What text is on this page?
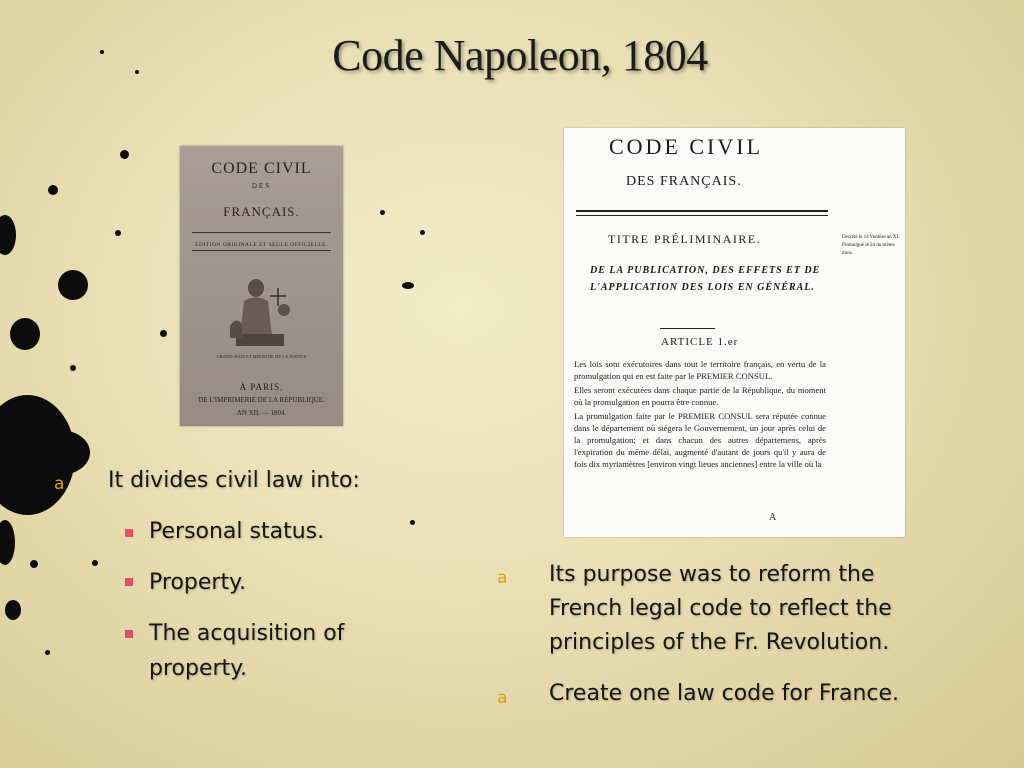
Code Napoleon, 1804
CODE CIVIL
DES
FRANÇAIS.
ÉDITION ORIGINALE ET SEULE OFFICIELLE.
GRAND-JUGE ET MINISTRE DE LA JUSTICE
À PARIS,
DE L'IMPRIMERIE DE LA RÉPUBLIQUE.
AN XII. — 1804.
CODE CIVIL
DES FRANÇAIS.
TITRE PRÉLIMINAIRE.	Décrété le 14 Ventôse an XI. Promulgué le 24 du même mois.
DE LA PUBLICATION, DES EFFETS ET DE L'APPLICATION DES LOIS EN GÉNÉRAL.
ARTICLE 1.er

Les lois sont exécutoires dans tout le territoire français, en vertu de la promulgation qui en est faite par le PREMIER CONSUL.

Elles seront exécutées dans chaque partie de la République, du moment où la promulgation en pourra être connue.

La promulgation faite par le PREMIER CONSUL sera réputée connue dans le département où siégera le Gouvernement, un jour après celui de la promulgation; et dans chacun des autres départemens, après l'expiration du même délai, augmenté d'autant de jours qu'il y aura de fois dix myriamètres [environ vingt lieues anciennes] entre la ville où la

A
a It divides civil law into:
Personal status.
Property.
The acquisition of
property.
a Its purpose was to reform the
French legal code to reflect the
principles of the Fr. Revolution.
a Create one law code for France.
